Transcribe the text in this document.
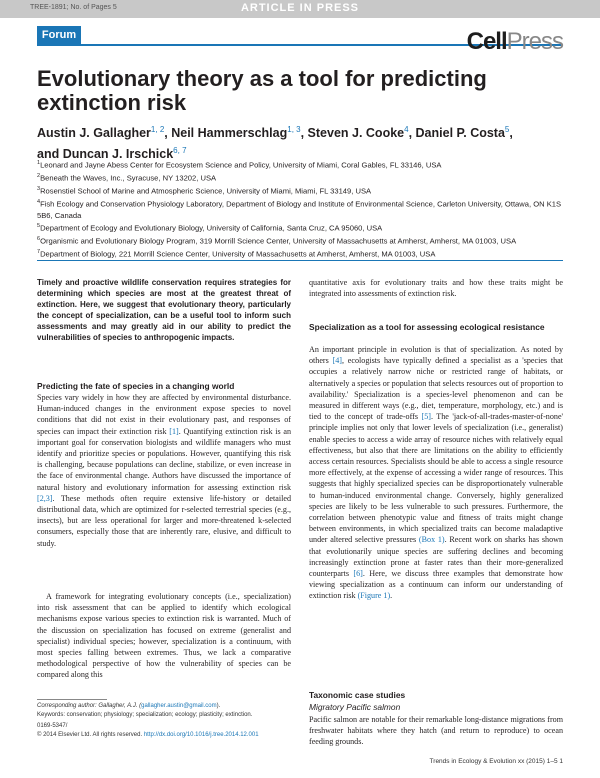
TREE-1891; No. of Pages 5	ARTICLE IN PRESS
Forum	CellPress
Evolutionary theory as a tool for predicting extinction risk
Austin J. Gallagher$^{1, 2}$, Neil Hammerschlag$^{1, 3}$, Steven J. Cooke$^4$, Daniel P. Costa$^5$,
and Duncan J. Irschick$^{6, 7}$
$^1$Leonard and Jayne Abess Center for Ecosystem Science and Policy, University of Miami, Coral Gables, FL 33146, USA
$^2$Beneath the Waves, Inc., Syracuse, NY 13202, USA
$^3$Rosenstiel School of Marine and Atmospheric Science, University of Miami, Miami, FL 33149, USA
$^4$Fish Ecology and Conservation Physiology Laboratory, Department of Biology and Institute of Environmental Science, Carleton University, Ottawa, ON K1S 5B6, Canada
$^5$Department of Ecology and Evolutionary Biology, University of California, Santa Cruz, CA 95060, USA
$^6$Organismic and Evolutionary Biology Program, 319 Morrill Science Center, University of Massachusetts at Amherst, Amherst, MA 01003, USA
$^7$Department of Biology, 221 Morrill Science Center, University of Massachusetts at Amherst, Amherst, MA 01003, USA
Timely and proactive wildlife conservation requires strategies for determining which species are most at the greatest threat of extinction. Here, we suggest that evolutionary theory, particularly the concept of specialization, can be a useful tool to inform such assessments and may greatly aid in our ability to predict the vulnerabilities of species to anthropogenic impacts.
Predicting the fate of species in a changing world
Species vary widely in how they are affected by environmental disturbance. Human-induced changes in the environment expose species to novel conditions that did not exist in their evolutionary past, and responses of species can impact their extinction risk [1]. Quantifying extinction risk is an important goal for conservation biologists and wildlife managers who must identify and prioritize species or populations. However, quantifying this risk is challenging, because populations can decline, stabilize, or even increase in the face of environmental change. Authors have discussed the importance of natural history and evolutionary information for assessing extinction risk [2,3]. These methods often require extensive life-history or detailed distributional data, which are optimized for r-selected terrestrial species (e.g., insects), but are less operational for larger and more-threatened k-selected consumers, especially those that are inherently rare, elusive, and difficult to study.
A framework for integrating evolutionary concepts (i.e., specialization) into risk assessment that can be applied to identify which ecological mechanisms expose various species to extinction risk is warranted. Much of the discussion on specialization has focused on extreme (generalist and specialist) individual species; however, specialization is a continuum, with most species falling between extremes. Thus, we lack a comparative methodological perspective of how the vulnerability of species can be compared along this
Corresponding author: Gallagher, A.J. (gallagher.austin@gmail.com).
Keywords: conservation; physiology; specialization; ecology; plasticity; extinction.
0169-5347/
© 2014 Elsevier Ltd. All rights reserved. http://dx.doi.org/10.1016/j.tree.2014.12.001
quantitative axis for evolutionary traits and how these traits might be integrated into assessments of extinction risk.
Specialization as a tool for assessing ecological resistance
An important principle in evolution is that of specialization. As noted by others [4], ecologists have typically defined a specialist as a 'species that occupies a relatively narrow niche or restricted range of habitats, or alternatively a species or population that selects resources out of proportion to availability.' Specialization is a species-level phenomenon and can be measured in different ways (e.g., diet, temperature, morphology, etc.) and is tied to the concept of trade-offs [5]. The 'jack-of-all-trades-master-of-none' principle implies not only that lower levels of specialization (i.e., generalist) enable species to access a wide array of resource niches with relatively equal effectiveness, but also that there are limitations on the ability to efficiently access certain resources. Specialists should be able to access a single resource more effectively, at the expense of accessing a wider range of resources. This suggests that highly specialized species can be disproportionately vulnerable to human-induced environmental change. Conversely, highly generalized species are likely to be less vulnerable to such pressures. Furthermore, the correlation between phenotypic value and fitness of traits might change between environments, in which specialized traits can become maladaptive under altered selective pressures (Box 1). Recent work on sharks has shown that evolutionarily unique species are suffering declines and becoming increasingly extinction prone at faster rates than their more-generalized counterparts [6]. Here, we discuss three examples that demonstrate how viewing specialization as a continuum can inform our understanding of extinction risk (Figure 1).
Taxonomic case studies
Migratory Pacific salmon
Pacific salmon are notable for their remarkable long-distance migrations from freshwater habitats where they hatch (and return to reproduce) to ocean feeding grounds.
Trends in Ecology & Evolution xx (2015) 1–5 1
